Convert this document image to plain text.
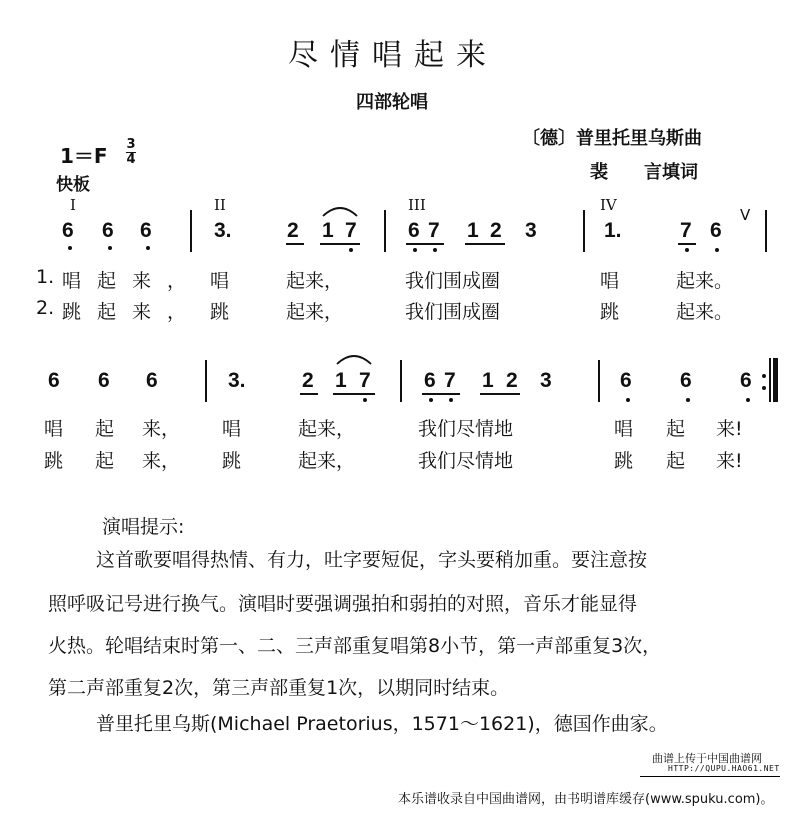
尽情唱起来
四部轮唱
〔德〕普里托里乌斯曲
裴　　言填词
1＝F 3
4
快板
I	II	III	IV
V
6 6 6	3.	2 1 7 6 7 1 2 3	1.	7 6
1. 唱起来， 唱	起来，	我们围成圈	唱	起来。
2. 跳起来， 跳	起来，	我们围成圈	跳	起来。
6 6 6	3.	2 1 7	6 7 1 2 3	6 6 6
唱 起 来， 唱	起来，	我们尽情地	唱 起 来!
跳 起 来， 跳	起来，	我们尽情地	跳 起 来!
演唱提示:
这首歌要唱得热情、有力，吐字要短促，字头要稍加重。要注意按
照呼吸记号进行换气。演唱时要强调强拍和弱拍的对照，音乐才能显得
火热。轮唱结束时第一、二、三声部重复唱第8小节，第一声部重复3次，
第二声部重复2次，第三声部重复1次，以期同时结束。
普里托里乌斯(Michael Praetorius，1571～1621)，德国作曲家。
曲谱上传于中国曲谱网
HTTP://QUPU.HAO61.NET
本乐谱收录自中国曲谱网，由书明谱库缓存(www.spuku.com)。
